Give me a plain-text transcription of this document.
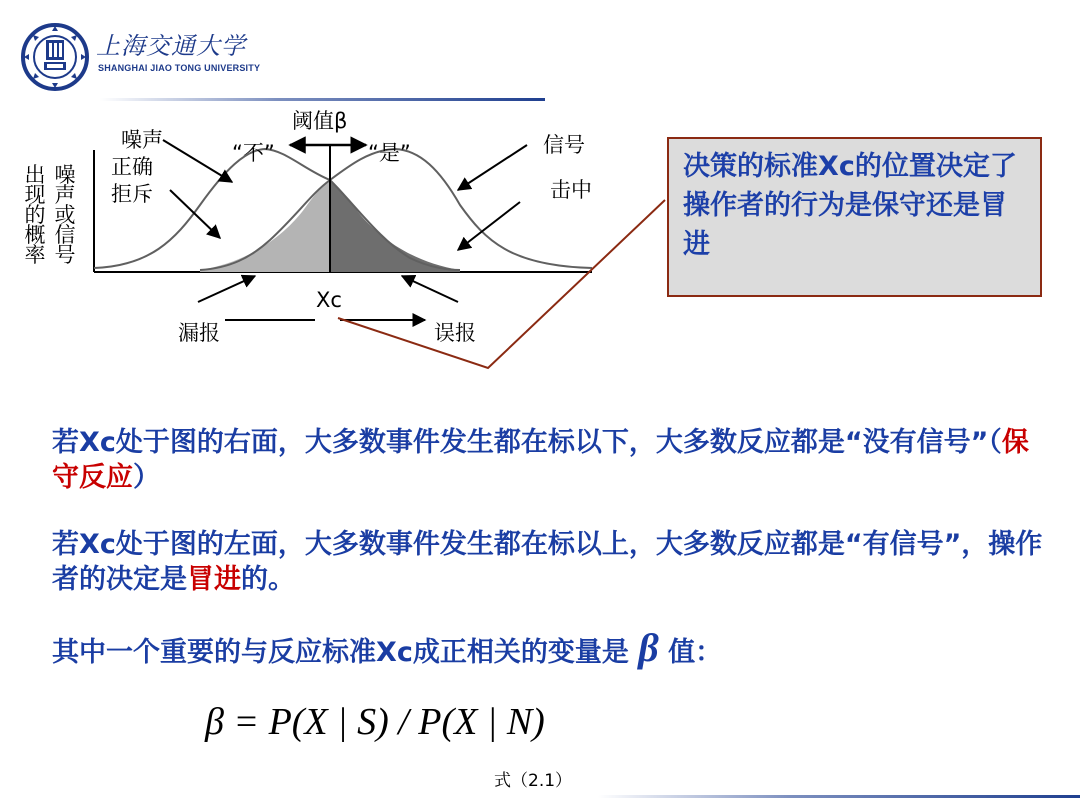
上海交通大学
SHANGHAI JIAO TONG UNIVERSITY
出现的概率
噪声或信号
噪声
正确
拒斥
阈值β
“不”	“是”	信号
击中
Xc
漏报	误报
决策的标准Xc的位置决定了操作者的行为是保守还是冒进
若Xc处于图的右面，大多数事件发生都在标以下，大多数反应都是“没有信号”（保守反应）
若Xc处于图的左面，大多数事件发生都在标以上，大多数反应都是“有信号”，操作者的决定是冒进的。
其中一个重要的与反应标准Xc成正相关的变量是 β 值：
β = P(X | S) / P(X | N)
式（2.1）
